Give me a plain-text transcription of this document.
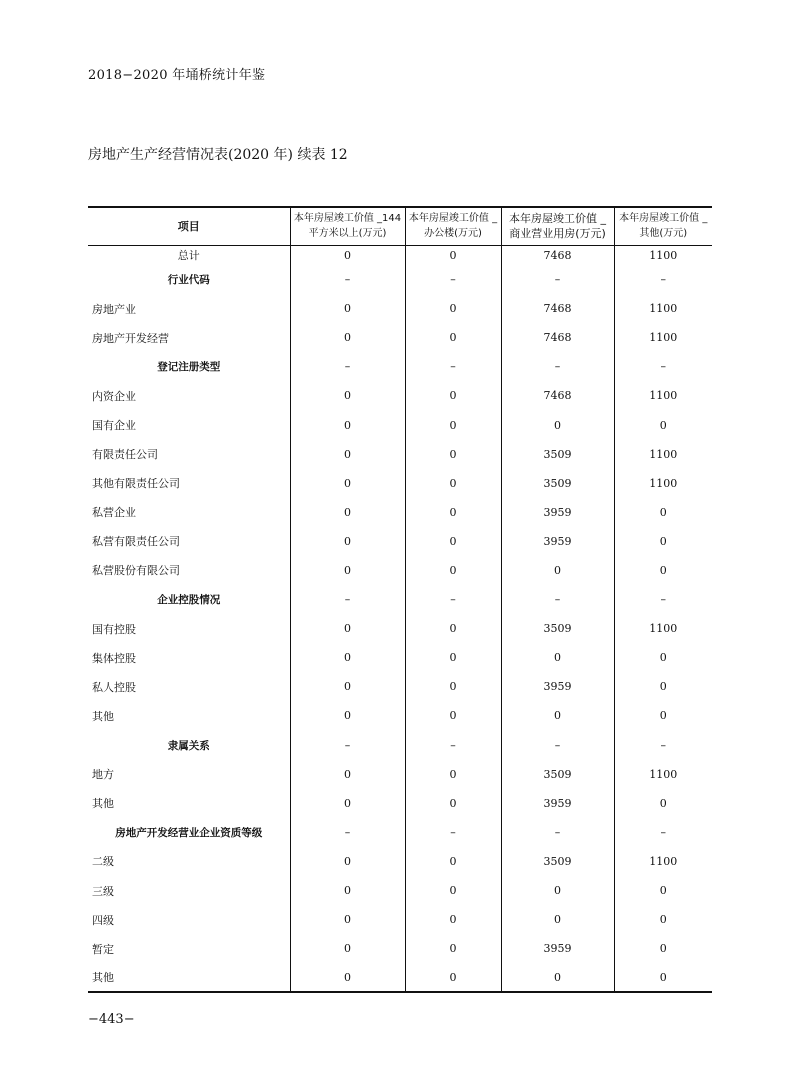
2018−2020 年埇桥统计年鉴
房地产生产经营情况表(2020 年) 续表 12
项目	本年房屋竣工价值 _144 平方米以上(万元)	本年房屋竣工价值 _ 办公楼(万元)	本年房屋竣工价值 _ 商业营业用房(万元)	本年房屋竣工价值 _ 其他(万元)
总计	0	0	7468	1100
行业代码	–	–	–	–
房地产业	0	0	7468	1100
房地产开发经营	0	0	7468	1100
登记注册类型	–	–	–	–
内资企业	0	0	7468	1100
国有企业	0	0	0	0
有限责任公司	0	0	3509	1100
其他有限责任公司	0	0	3509	1100
私营企业	0	0	3959	0
私营有限责任公司	0	0	3959	0
私营股份有限公司	0	0	0	0
企业控股情况	–	–	–	–
国有控股	0	0	3509	1100
集体控股	0	0	0	0
私人控股	0	0	3959	0
其他	0	0	0	0
隶属关系	–	–	–	–
地方	0	0	3509	1100
其他	0	0	3959	0
房地产开发经营业企业资质等级	–	–	–	–
二级	0	0	3509	1100
三级	0	0	0	0
四级	0	0	0	0
暂定	0	0	3959	0
其他	0	0	0	0
−443−
